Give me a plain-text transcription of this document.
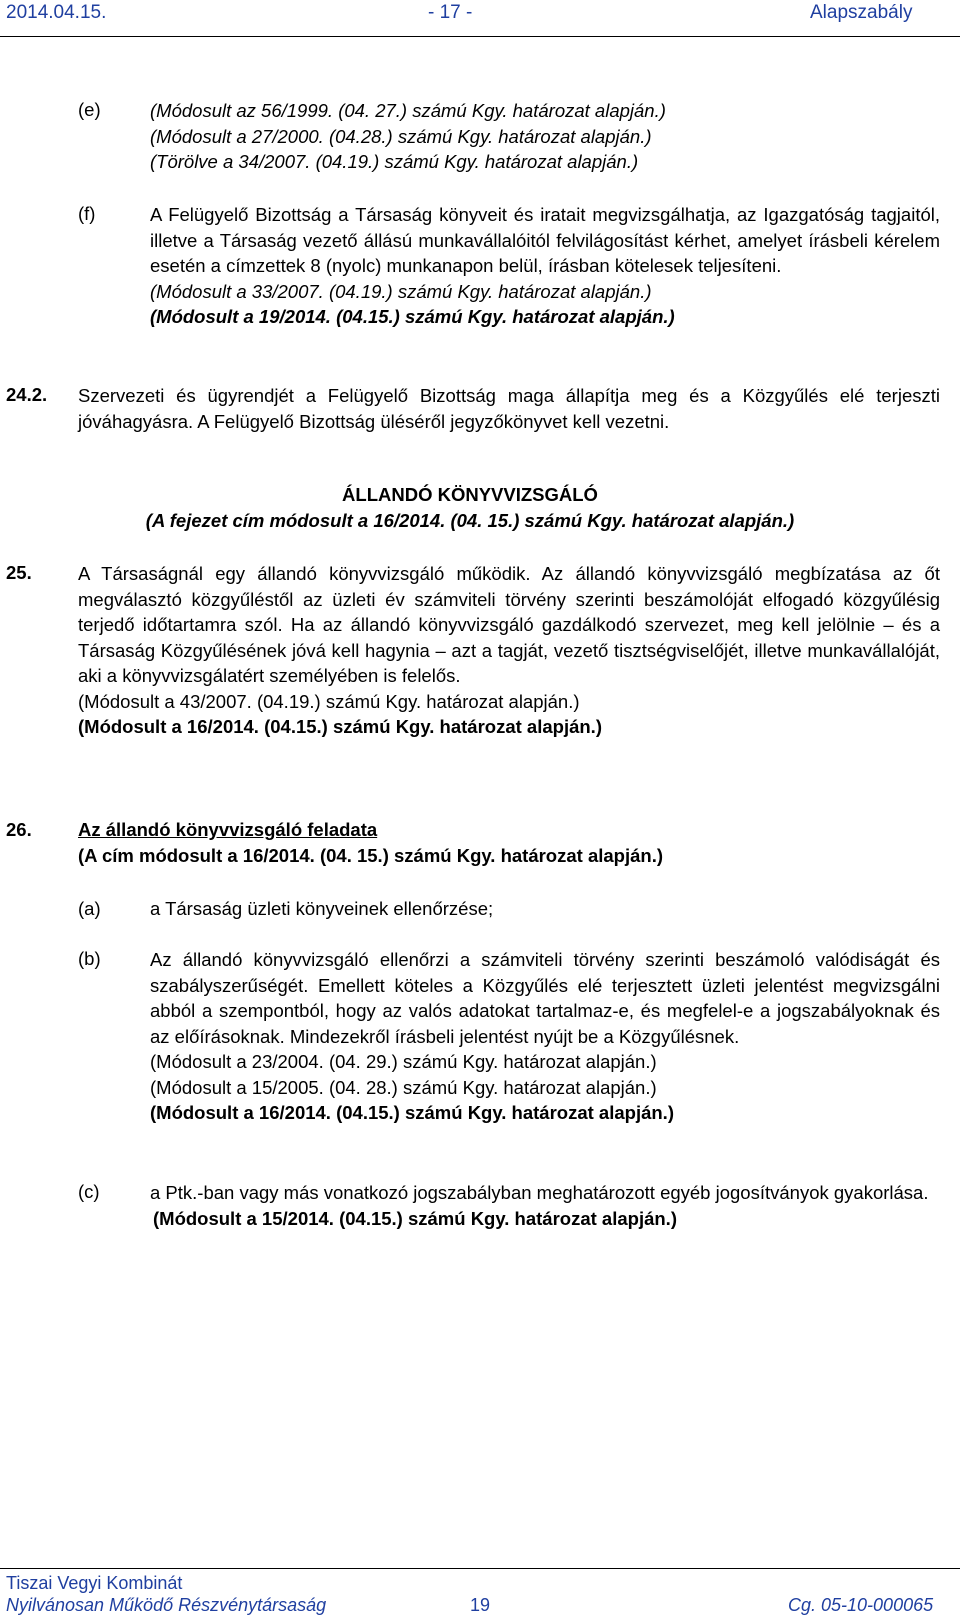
2014.04.15.	- 17 -	Alapszabály
(e)	(Módosult az 56/1999. (04. 27.) számú Kgy. határozat alapján.)
(Módosult a 27/2000. (04.28.) számú Kgy. határozat alapján.)
(Törölve a 34/2007. (04.19.) számú Kgy. határozat alapján.)
(f)	A Felügyelő Bizottság a Társaság könyveit és iratait megvizsgálhatja, az Igazgatóság tagjaitól, illetve a Társaság vezető állású munkavállalóitól felvilágosítást kérhet, amelyet írásbeli kérelem esetén a címzettek 8 (nyolc) munkanapon belül, írásban kötelesek teljesíteni.
(Módosult a 33/2007. (04.19.) számú Kgy. határozat alapján.)
(Módosult a 19/2014. (04.15.) számú Kgy. határozat alapján.)
24.2. Szervezeti és ügyrendjét a Felügyelő Bizottság maga állapítja meg és a Közgyűlés elé terjeszti jóváhagyásra. A Felügyelő Bizottság üléséről jegyzőkönyvet kell vezetni.
ÁLLANDÓ KÖNYVVIZSGÁLÓ
(A fejezet cím módosult a 16/2014. (04. 15.) számú Kgy. határozat alapján.)
25.	A Társaságnál egy állandó könyvvizsgáló működik. Az állandó könyvvizsgáló megbízatása az őt megválasztó közgyűléstől az üzleti év számviteli törvény szerinti beszámolóját elfogadó közgyűlésig terjedő időtartamra szól. Ha az állandó könyvvizsgáló gazdálkodó szervezet, meg kell jelölnie – és a Társaság Közgyűlésének jóvá kell hagynia – azt a tagját, vezető tisztségviselőjét, illetve munkavállalóját, aki a könyvvizsgálatért személyében is felelős.
(Módosult a 43/2007. (04.19.) számú Kgy. határozat alapján.)
(Módosult a 16/2014. (04.15.) számú Kgy. határozat alapján.)
26.	Az állandó könyvvizsgáló feladata
(A cím módosult a 16/2014. (04. 15.) számú Kgy. határozat alapján.)
(a)	a Társaság üzleti könyveinek ellenőrzése;
(b)	Az állandó könyvvizsgáló ellenőrzi a számviteli törvény szerinti beszámoló valódiságát és szabályszerűségét. Emellett köteles a Közgyűlés elé terjesztett üzleti jelentést megvizsgálni abból a szempontból, hogy az valós adatokat tartalmaz-e, és megfelel-e a jogszabályoknak és az előírásoknak. Mindezekről írásbeli jelentést nyújt be a Közgyűlésnek.
(Módosult a 23/2004. (04. 29.) számú Kgy. határozat alapján.)
(Módosult a 15/2005. (04. 28.) számú Kgy. határozat alapján.)
(Módosult a 16/2014. (04.15.) számú Kgy. határozat alapján.)
(c)	a Ptk.-ban vagy más vonatkozó jogszabályban meghatározott egyéb jogosítványok gyakorlása.
(Módosult a 15/2014. (04.15.) számú Kgy. határozat alapján.)
Tiszai Vegyi Kombinát
Nyilvánosan Működő Részvénytársaság	19	Cg. 05-10-000065
